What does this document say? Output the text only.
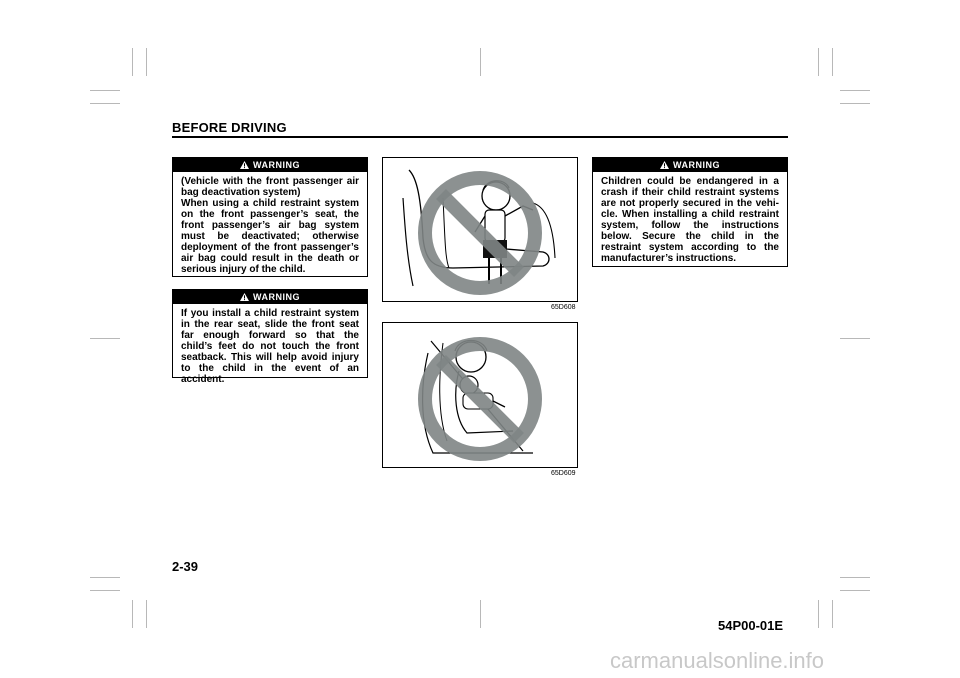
BEFORE DRIVING
WARNING
(Vehicle with the front passenger air bag deactivation system)
When using a child restraint system on the front passenger’s seat, the front passenger’s air bag system must be deactivated; otherwise deployment of the front passenger’s air bag could result in the death or serious injury of the child.
WARNING
If you install a child restraint system in the rear seat, slide the front seat far enough forward so that the child’s feet do not touch the front seatback. This will help avoid injury to the child in the event of an accident.
WARNING
Children could be endangered in a crash if their child restraint systems are not properly secured in the vehi-cle. When installing a child restraint system, follow the instructions below. Secure the child in the restraint system according to the manufacturer’s instructions.
65D608
65D609
2-39
54P00-01E
carmanualsonline.info
